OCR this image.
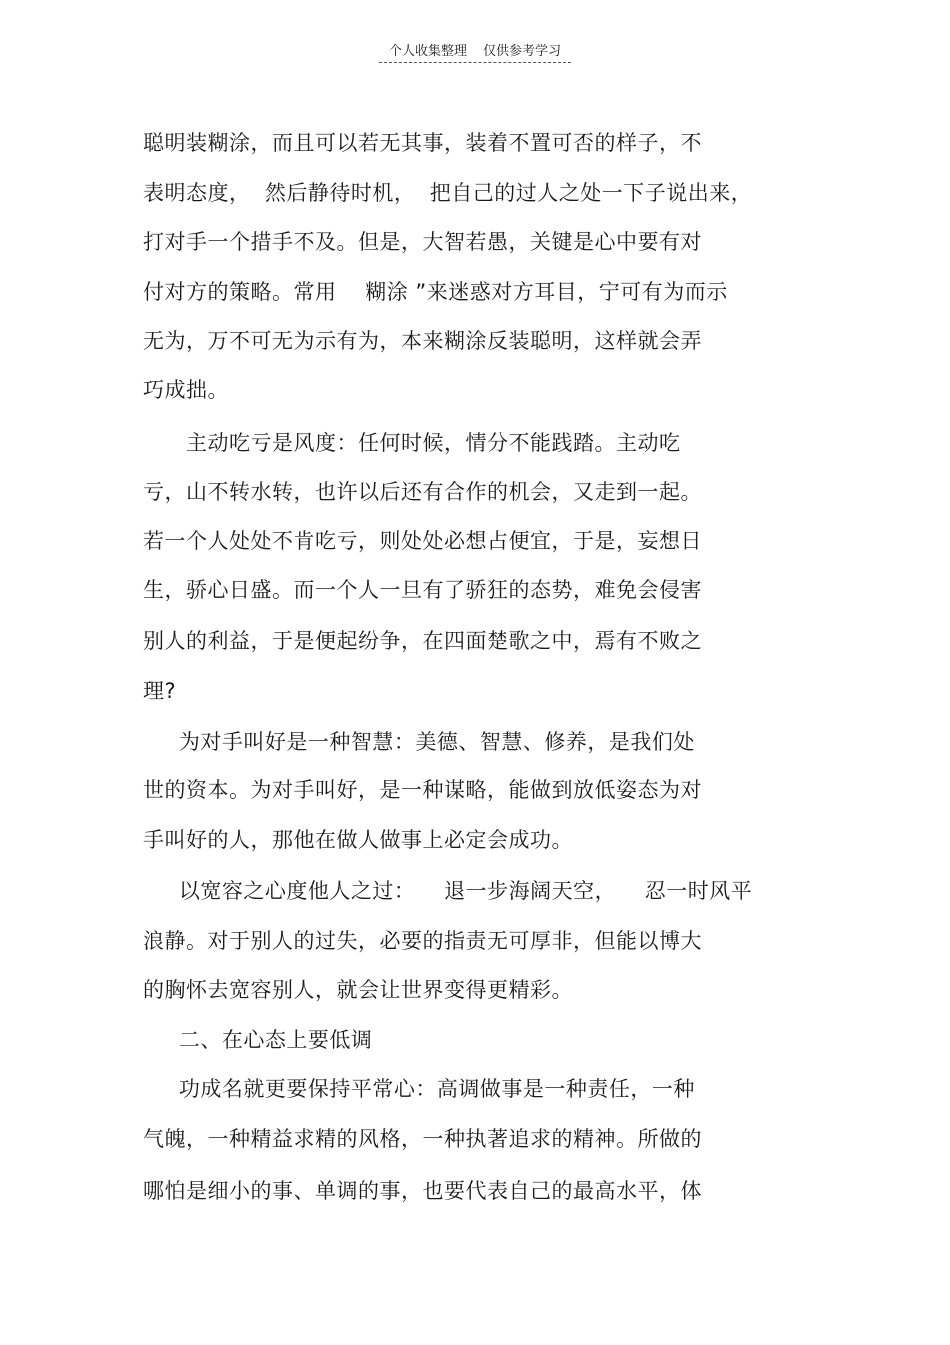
个人收集整理 仅供参考学习
聪明装糊涂，而且可以若无其事，装着不置可否的样子，不
表明态度，  然后静待时机，  把自己的过人之处一下子说出来，
打对手一个措手不及。但是，大智若愚，关键是心中要有对
付对方的策略。常用    糊涂 ”来迷惑对方耳目，宁可有为而示
无为，万不可无为示有为，本来糊涂反装聪明，这样就会弄
巧成拙。
主动吃亏是风度：任何时候，情分不能践踏。主动吃
亏，山不转水转，也许以后还有合作的机会，又走到一起。
若一个人处处不肯吃亏，则处处必想占便宜，于是，妄想日
生，骄心日盛。而一个人一旦有了骄狂的态势，难免会侵害
别人的利益，于是便起纷争，在四面楚歌之中，焉有不败之
理?
为对手叫好是一种智慧：美德、智慧、修养，是我们处
世的资本。为对手叫好，是一种谋略，能做到放低姿态为对
手叫好的人，那他在做人做事上必定会成功。
以宽容之心度他人之过：    退一步海阔天空，    忍一时风平
浪静。对于别人的过失，必要的指责无可厚非，但能以博大
的胸怀去宽容别人，就会让世界变得更精彩。
二、在心态上要低调
功成名就更要保持平常心：高调做事是一种责任，一种
气魄，一种精益求精的风格，一种执著追求的精神。所做的
哪怕是细小的事、单调的事，也要代表自己的最高水平，体
